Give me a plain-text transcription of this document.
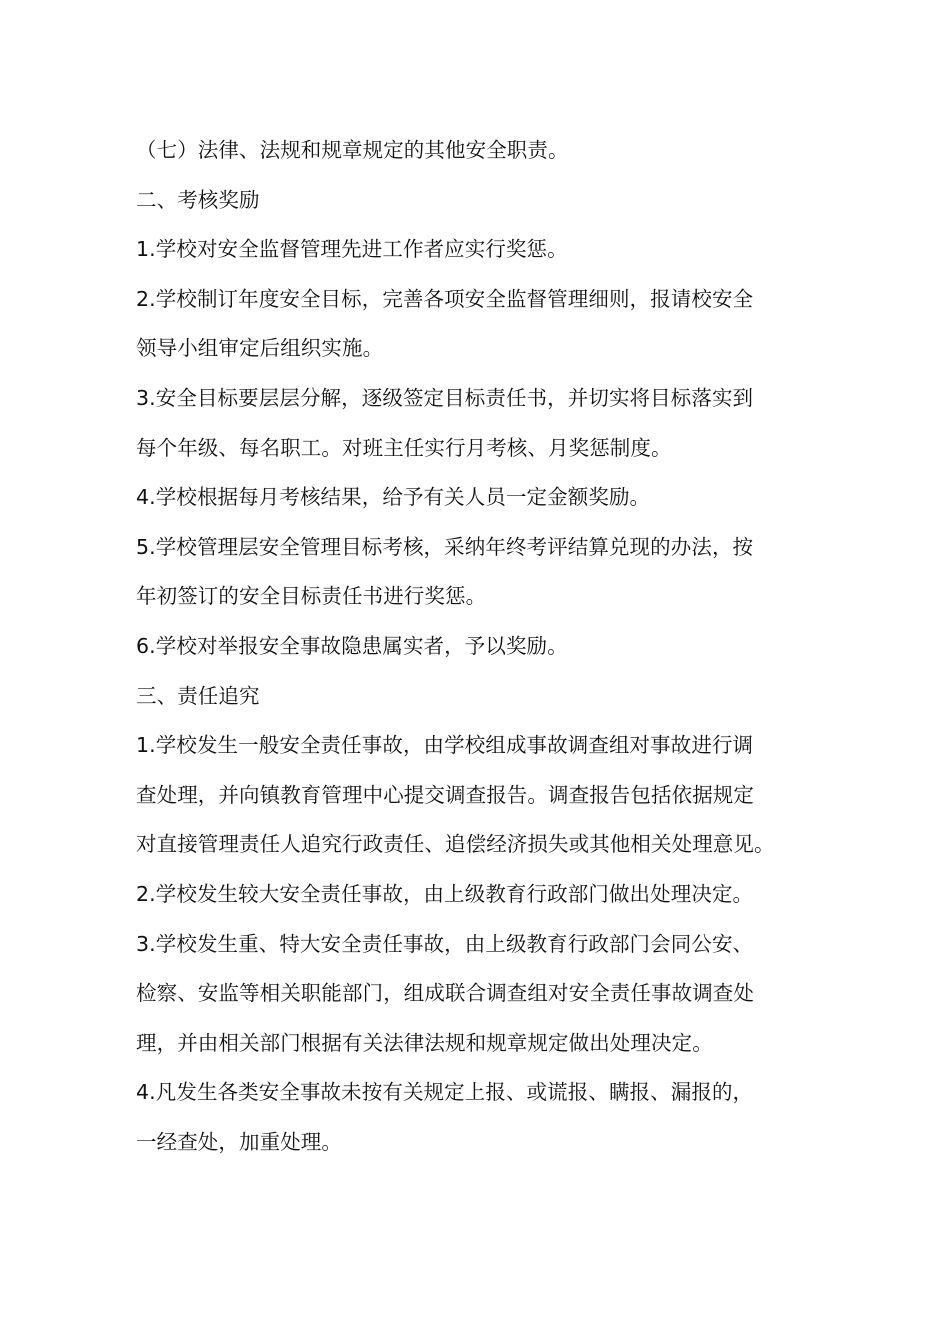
（七）法律、法规和规章规定的其他安全职责。
二、考核奖励
1.学校对安全监督管理先进工作者应实行奖惩。
2.学校制订年度安全目标，完善各项安全监督管理细则，报请校安全
领导小组审定后组织实施。
3.安全目标要层层分解，逐级签定目标责任书，并切实将目标落实到
每个年级、每名职工。对班主任实行月考核、月奖惩制度。
4.学校根据每月考核结果，给予有关人员一定金额奖励。
5.学校管理层安全管理目标考核，采纳年终考评结算兑现的办法，按
年初签订的安全目标责任书进行奖惩。
6.学校对举报安全事故隐患属实者，予以奖励。
三、责任追究
1.学校发生一般安全责任事故，由学校组成事故调查组对事故进行调
查处理，并向镇教育管理中心提交调查报告。调查报告包括依据规定
对直接管理责任人追究行政责任、追偿经济损失或其他相关处理意见。
2.学校发生较大安全责任事故，由上级教育行政部门做出处理决定。
3.学校发生重、特大安全责任事故，由上级教育行政部门会同公安、
检察、安监等相关职能部门，组成联合调查组对安全责任事故调查处
理，并由相关部门根据有关法律法规和规章规定做出处理决定。
4.凡发生各类安全事故未按有关规定上报、或谎报、瞒报、漏报的，
一经查处，加重处理。
